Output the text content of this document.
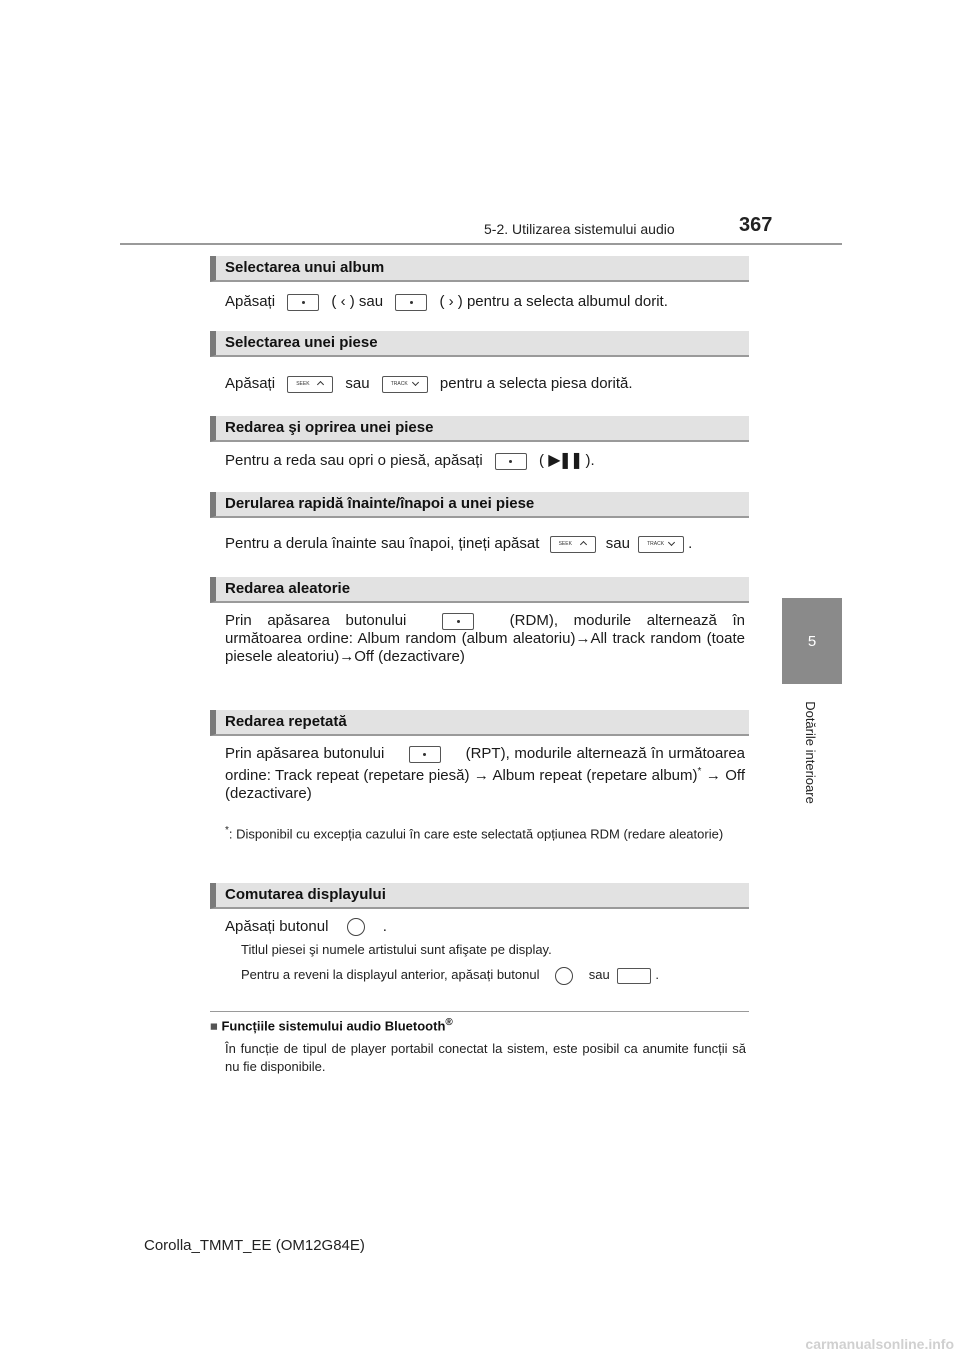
5-2. Utilizarea sistemului audio	367
5
Dotările interioare
Selectarea unui album
Apăsați	( ‹ ) sau	( › ) pentru a selecta albumul dorit.
Selectarea unei piese
Apăsați	SEEK sau	TRACK pentru a selecta piesa dorită.
Redarea şi oprirea unei piese
Pentru a reda sau opri o piesă, apăsați	( ▶❚❚ ).
Derularea rapidă înainte/înapoi a unei piese
Pentru a derula înainte sau înapoi, țineți apăsat	SEEK sau	TRACK .
Redarea aleatorie
Prin apăsarea butonului	(RDM), modurile alternează în următoarea ordine: Album random (album aleatoriu)→All track random (toate piesele aleatoriu)→Off (dezactivare)
Redarea repetată
Prin apăsarea butonului	(RPT), modurile alternează în următoarea ordine: Track repeat (repetare piesă) → Album repeat (repetare album)* → Off (dezactivare)
*: Disponibil cu excepția cazului în care este selectată opțiunea RDM (redare aleatorie)
Comutarea displayului
Apăsați butonul	.
Titlul piesei şi numele artistului sunt afişate pe display.
Pentru a reveni la displayul anterior, apăsați butonul	sau	.
■ Funcțiile sistemului audio Bluetooth®
În funcție de tipul de player portabil conectat la sistem, este posibil ca anumite funcții să nu fie disponibile.
Corolla_TMMT_EE (OM12G84E)
carmanualsonline.info
